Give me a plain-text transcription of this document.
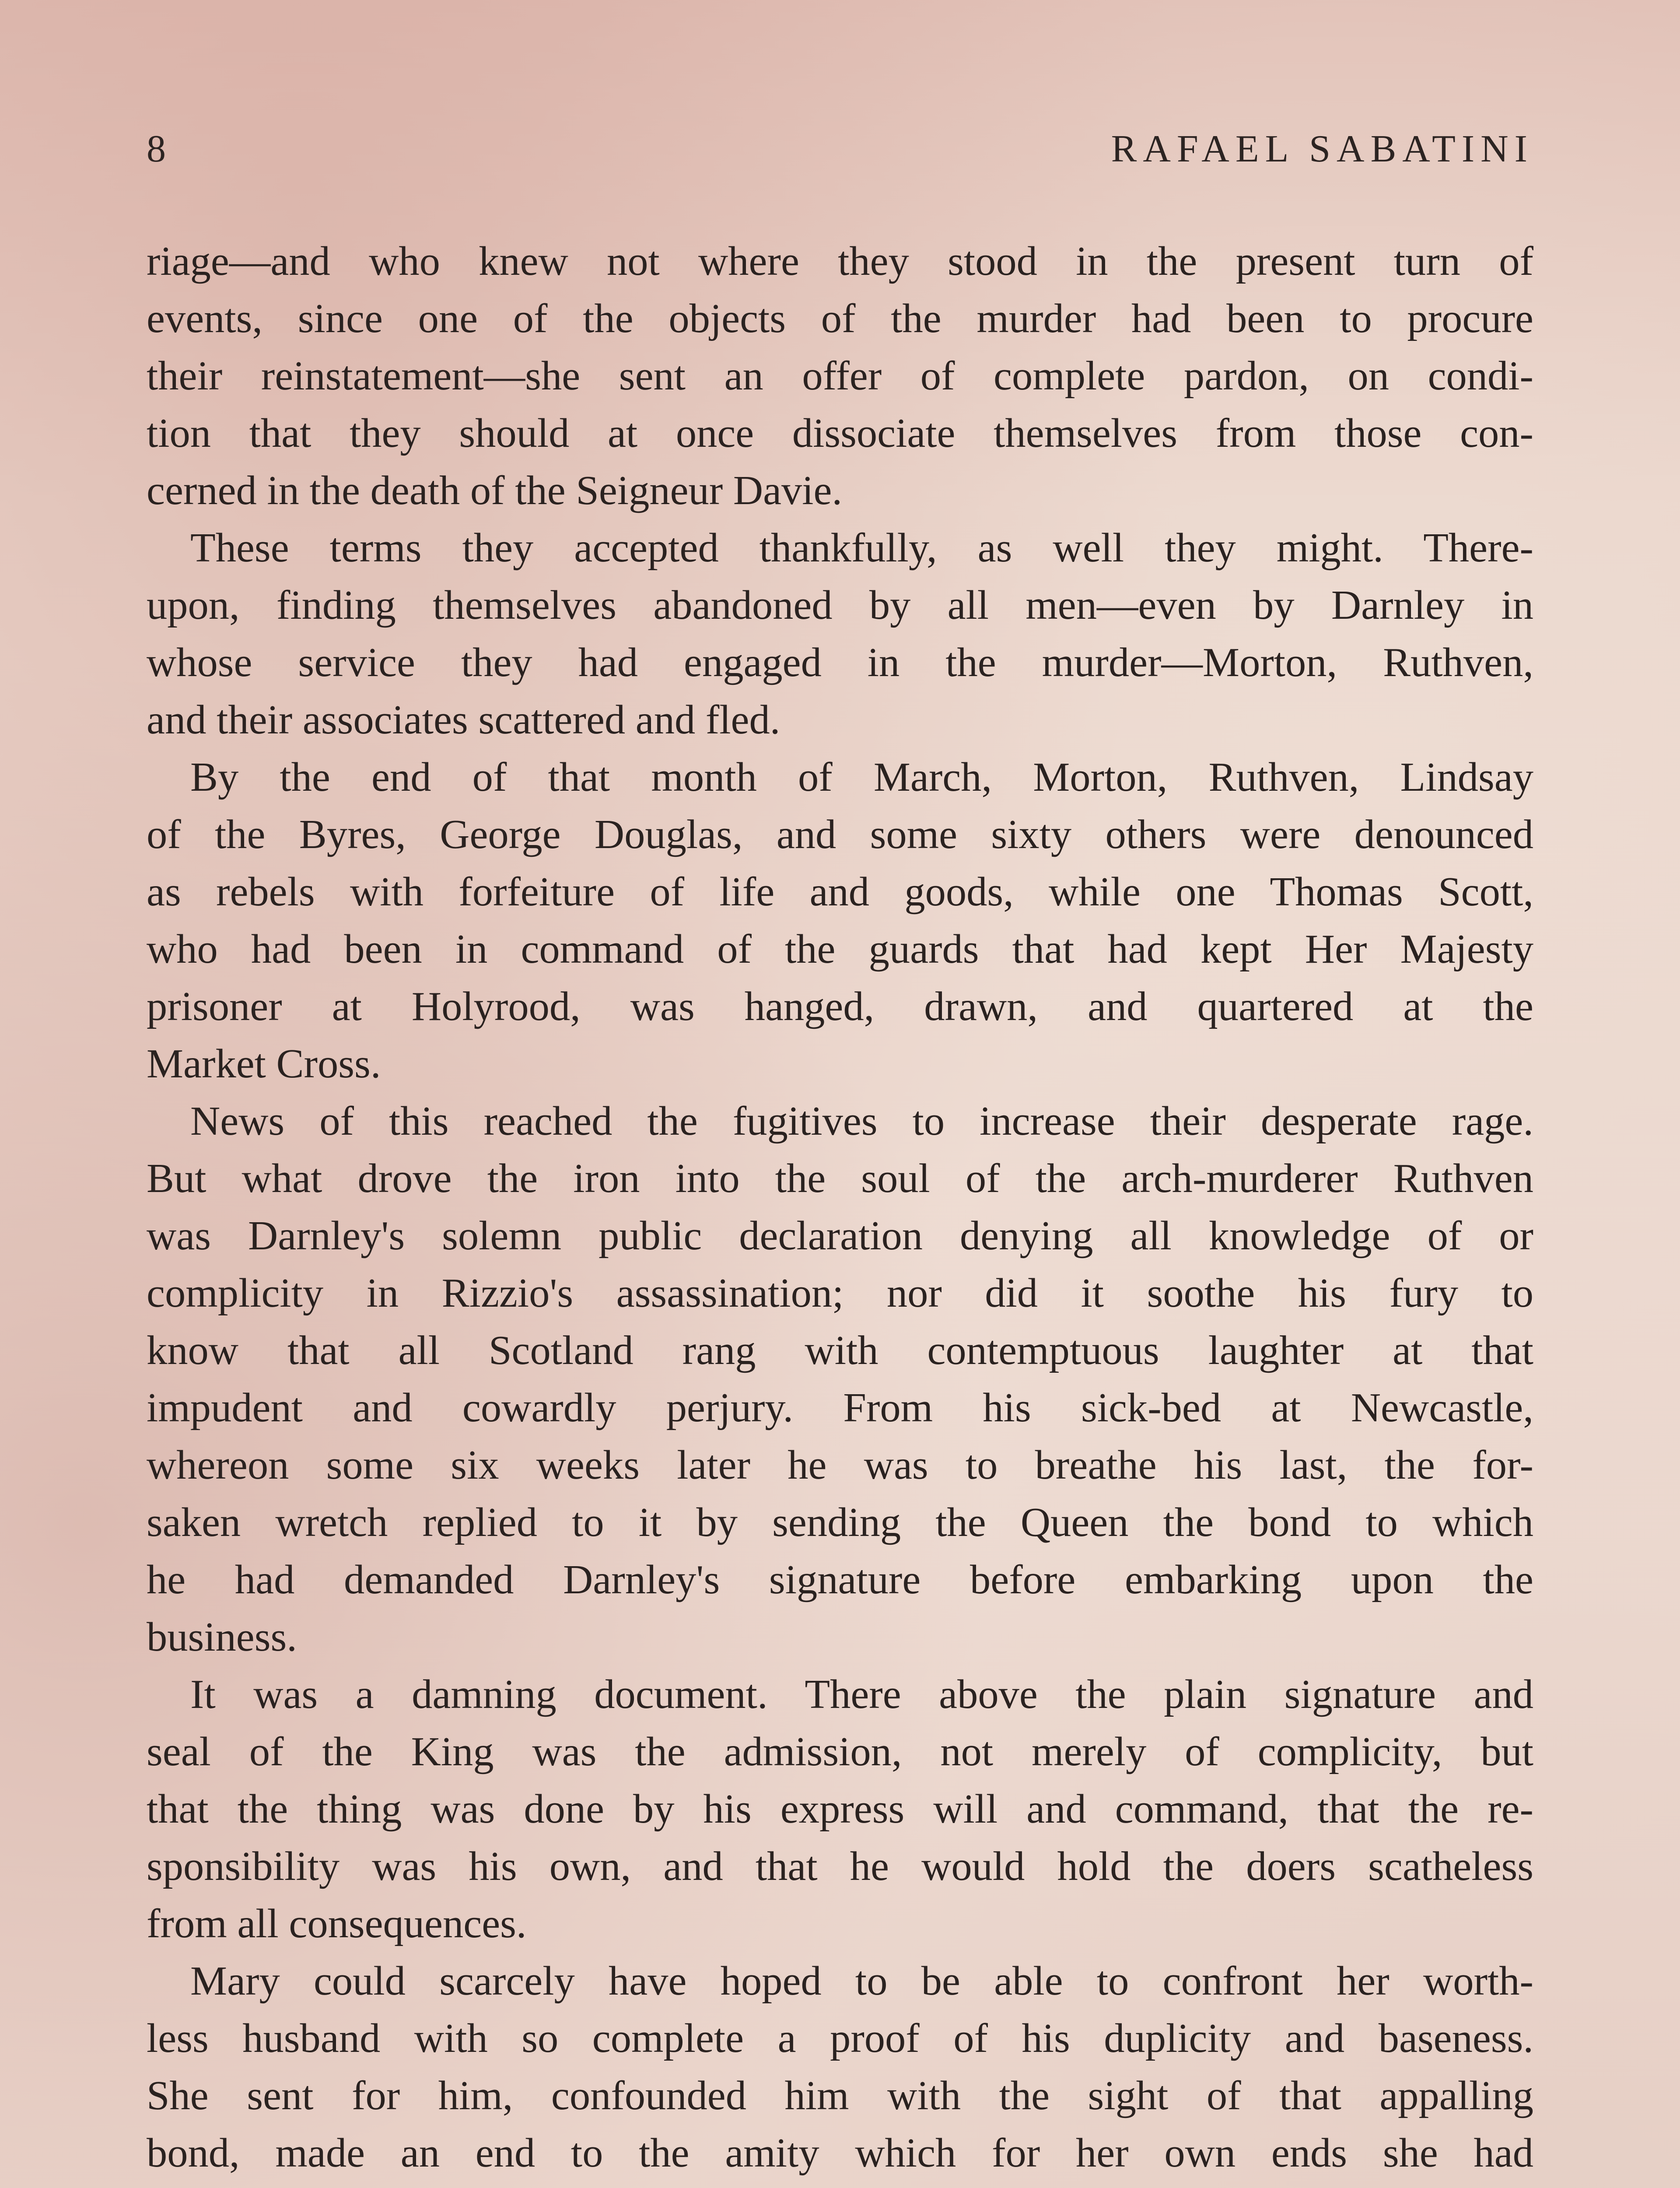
8	RAFAEL SABATINI
riage—and who knew not where they stood in the present turn of
events, since one of the objects of the murder had been to procure
their reinstatement—she sent an offer of complete pardon, on condi-
tion that they should at once dissociate themselves from those con-
cerned in the death of the Seigneur Davie.
These terms they accepted thankfully, as well they might. There-
upon, finding themselves abandoned by all men—even by Darnley in
whose service they had engaged in the murder—Morton, Ruthven,
and their associates scattered and fled.
By the end of that month of March, Morton, Ruthven, Lindsay
of the Byres, George Douglas, and some sixty others were denounced
as rebels with forfeiture of life and goods, while one Thomas Scott,
who had been in command of the guards that had kept Her Majesty
prisoner at Holyrood, was hanged, drawn, and quartered at the
Market Cross.
News of this reached the fugitives to increase their desperate rage.
But what drove the iron into the soul of the arch-murderer Ruthven
was Darnley's solemn public declaration denying all knowledge of or
complicity in Rizzio's assassination; nor did it soothe his fury to
know that all Scotland rang with contemptuous laughter at that
impudent and cowardly perjury. From his sick-bed at Newcastle,
whereon some six weeks later he was to breathe his last, the for-
saken wretch replied to it by sending the Queen the bond to which
he had demanded Darnley's signature before embarking upon the
business.
It was a damning document. There above the plain signature and
seal of the King was the admission, not merely of complicity, but
that the thing was done by his express will and command, that the re-
sponsibility was his own, and that he would hold the doers scatheless
from all consequences.
Mary could scarcely have hoped to be able to confront her worth-
less husband with so complete a proof of his duplicity and baseness.
She sent for him, confounded him with the sight of that appalling
bond, made an end to the amity which for her own ends she had
